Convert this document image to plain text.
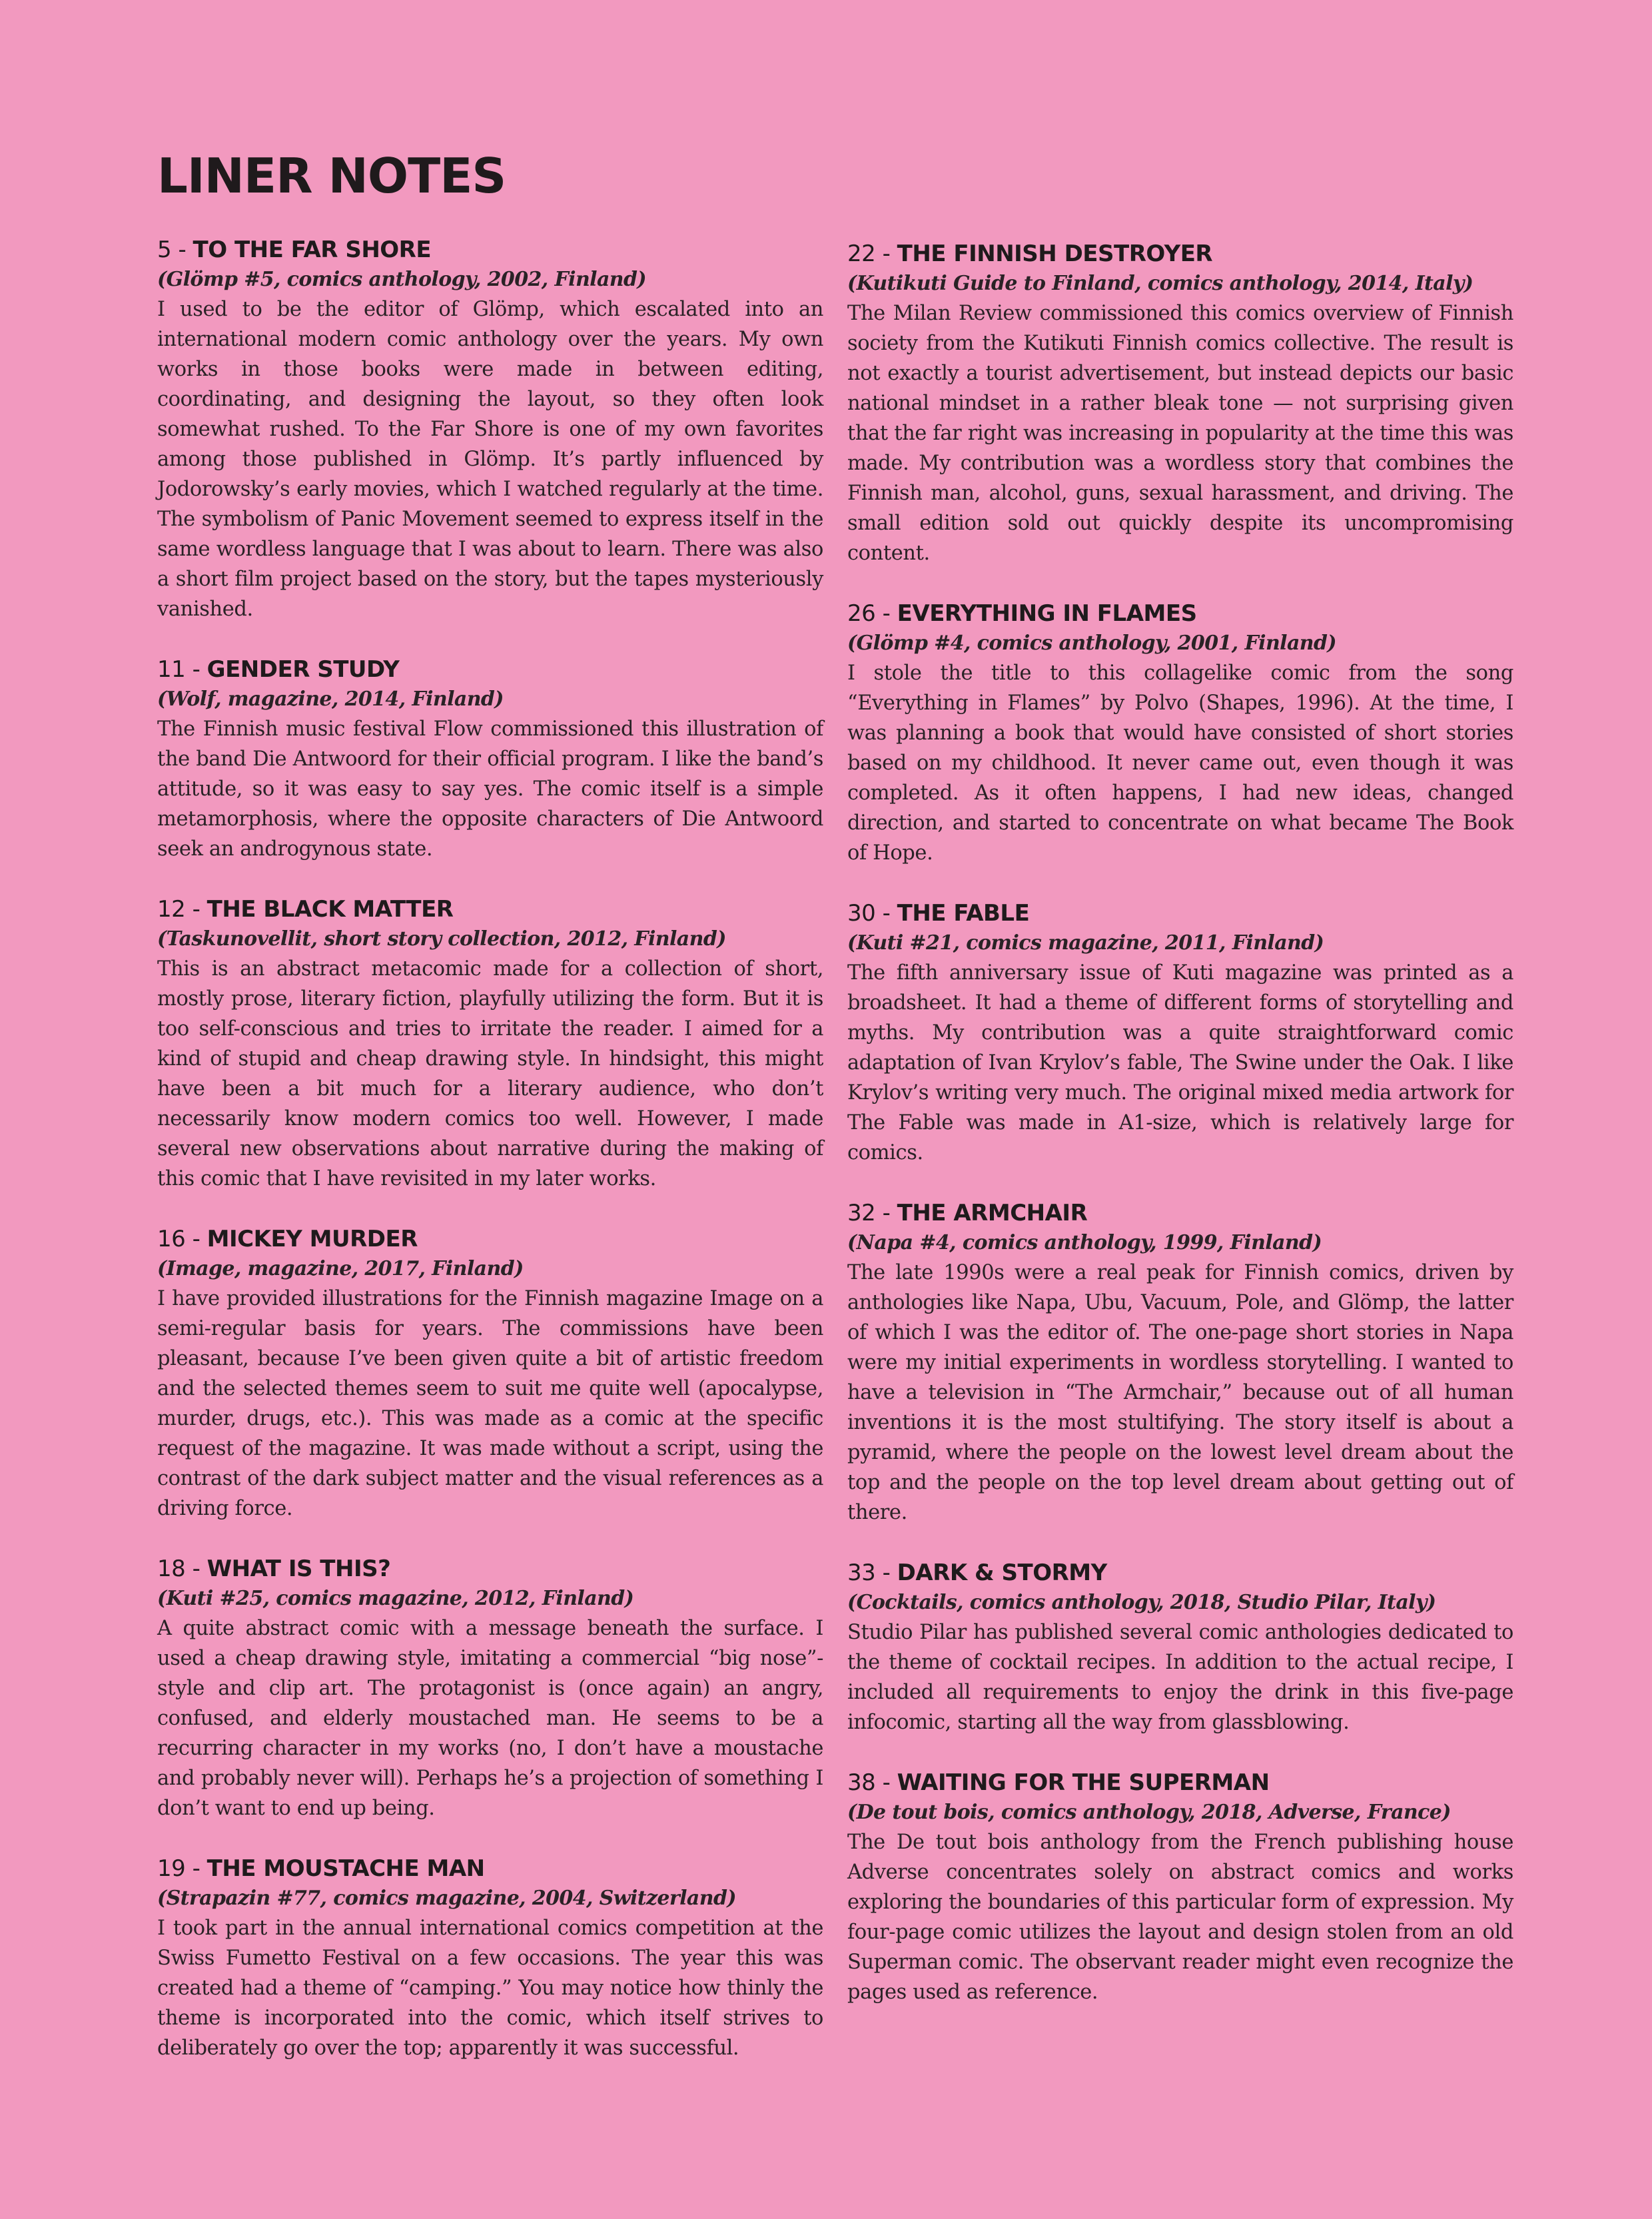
LINER NOTES
5 - TO THE FAR SHORE
(Glömp #5, comics anthology, 2002, Finland)

I used to be the editor of Glömp, which escalated into an international modern comic anthology over the years. My own works in those books were made in between editing, coordinating, and designing the layout, so they often look somewhat rushed. To the Far Shore is one of my own favorites among those published in Glömp. It’s partly influenced by Jodorowsky’s early movies, which I watched regularly at the time. The symbolism of Panic Movement seemed to express itself in the same wordless language that I was about to learn. There was also a short film project based on the story, but the tapes mysteriously vanished.

11 - GENDER STUDY
(Wolf, magazine, 2014, Finland)

The Finnish music festival Flow commissioned this illustration of the band Die Antwoord for their official program. I like the band’s attitude, so it was easy to say yes. The comic itself is a simple metamorphosis, where the opposite characters of Die Antwoord seek an androgynous state.

12 - THE BLACK MATTER
(Taskunovellit, short story collection, 2012, Finland)

This is an abstract metacomic made for a collection of short, mostly prose, literary fiction, playfully utilizing the form. But it is too self-conscious and tries to irritate the reader. I aimed for a kind of stupid and cheap drawing style. In hindsight, this might have been a bit much for a literary audience, who don’t necessarily know modern comics too well. However, I made several new observations about narrative during the making of this comic that I have revisited in my later works.

16 - MICKEY MURDER
(Image, magazine, 2017, Finland)

I have provided illustrations for the Finnish magazine Image on a semi-regular basis for years. The commissions have been pleasant, because I’ve been given quite a bit of artistic freedom and the selected themes seem to suit me quite well (apocalypse, murder, drugs, etc.). This was made as a comic at the specific request of the magazine. It was made without a script, using the contrast of the dark subject matter and the visual references as a driving force.

18 - WHAT IS THIS?
(Kuti #25, comics magazine, 2012, Finland)

A quite abstract comic with a message beneath the surface. I used a cheap drawing style, imitating a commercial “big nose”-style and clip art. The protagonist is (once again) an angry, confused, and elderly moustached man. He seems to be a recurring character in my works (no, I don’t have a moustache and probably never will). Perhaps he’s a projection of something I don’t want to end up being.

19 - THE MOUSTACHE MAN
(Strapazin #77, comics magazine, 2004, Switzerland)

I took part in the annual international comics competition at the Swiss Fumetto Festival on a few occasions. The year this was created had a theme of “camping.” You may notice how thinly the theme is incorporated into the comic, which itself strives to deliberately go over the top; apparently it was successful.

22 - THE FINNISH DESTROYER
(Kutikuti Guide to Finland, comics anthology, 2014, Italy)

The Milan Review commissioned this comics overview of Finnish society from the Kutikuti Finnish comics collective. The result is not exactly a tourist advertisement, but instead depicts our basic national mindset in a rather bleak tone — not surprising given that the far right was increasing in popularity at the time this was made. My contribution was a wordless story that combines the Finnish man, alcohol, guns, sexual harassment, and driving. The small edition sold out quickly despite its uncompromising content.

26 - EVERYTHING IN FLAMES
(Glömp #4, comics anthology, 2001, Finland)

I stole the title to this collagelike comic from the song “Everything in Flames” by Polvo (Shapes, 1996). At the time, I was planning a book that would have consisted of short stories based on my childhood. It never came out, even though it was completed. As it often happens, I had new ideas, changed direction, and started to concentrate on what became The Book of Hope.

30 - THE FABLE
(Kuti #21, comics magazine, 2011, Finland)

The fifth anniversary issue of Kuti magazine was printed as a broadsheet. It had a theme of different forms of storytelling and myths. My contribution was a quite straightforward comic adaptation of Ivan Krylov’s fable, The Swine under the Oak. I like Krylov’s writing very much. The original mixed media artwork for The Fable was made in A1-size, which is relatively large for comics.

32 - THE ARMCHAIR
(Napa #4, comics anthology, 1999, Finland)

The late 1990s were a real peak for Finnish comics, driven by anthologies like Napa, Ubu, Vacuum, Pole, and Glömp, the latter of which I was the editor of. The one-page short stories in Napa were my initial experiments in wordless storytelling. I wanted to have a television in “The Armchair,” because out of all human inventions it is the most stultifying. The story itself is about a pyramid, where the people on the lowest level dream about the top and the people on the top level dream about getting out of there.

33 - DARK & STORMY
(Cocktails, comics anthology, 2018, Studio Pilar, Italy)

Studio Pilar has published several comic anthologies dedicated to the theme of cocktail recipes. In addition to the actual recipe, I included all requirements to enjoy the drink in this five-page infocomic, starting all the way from glassblowing.

38 - WAITING FOR THE SUPERMAN
(De tout bois, comics anthology, 2018, Adverse, France)

The De tout bois anthology from the French publishing house Adverse concentrates solely on abstract comics and works exploring the boundaries of this particular form of expression. My four-page comic utilizes the layout and design stolen from an old Superman comic. The observant reader might even recognize the pages used as reference.
